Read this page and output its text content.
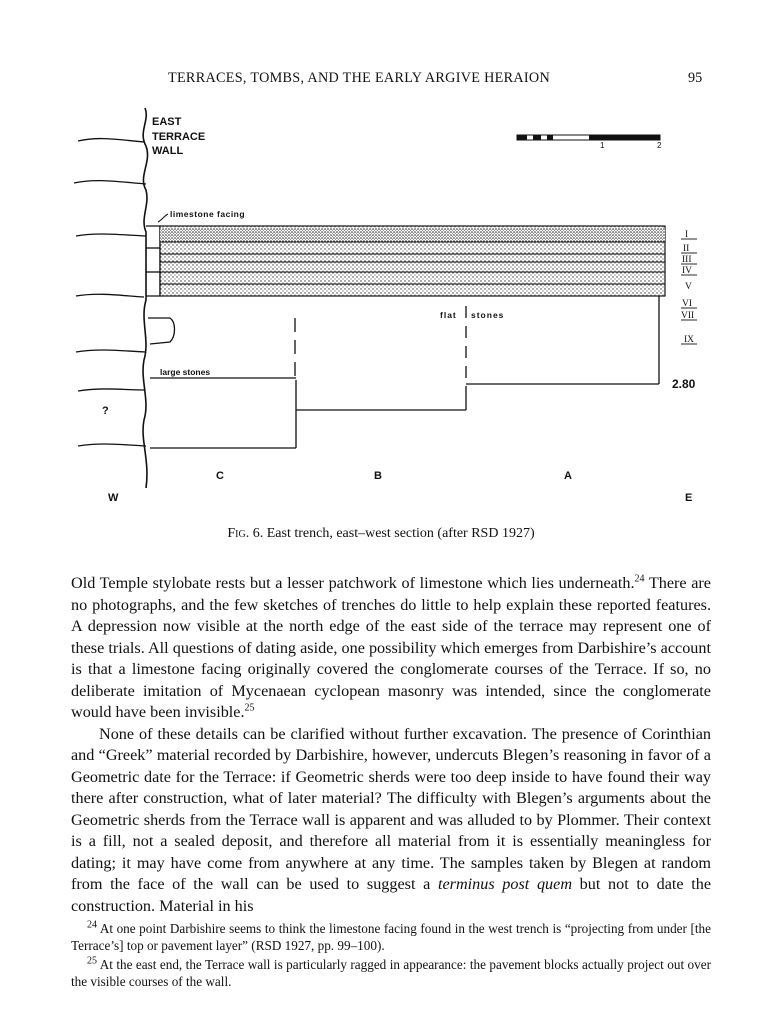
TERRACES, TOMBS, AND THE EARLY ARGIVE HERAION	95
1	2
EAST
TERRACE
WALL
limestone facing
flat stones
large stones
?
2.80
I
II
III
IV
V
VI
VII
IX
C	B	A
W	E
Fig. 6. East trench, east–west section (after RSD 1927)

Old Temple stylobate rests but a lesser patchwork of limestone which lies underneath.$^{24}$ There are no photographs, and the few sketches of trenches do little to help explain these reported features. A depression now visible at the north edge of the east side of the terrace may represent one of these trials. All questions of dating aside, one possibility which emerges from Darbishire’s account is that a limestone facing originally covered the conglomerate courses of the Terrace. If so, no deliberate imitation of Mycenaean cyclopean masonry was intended, since the conglomerate would have been invisible.$^{25}$

None of these details can be clarified without further excavation. The presence of Corinthian and “Greek” material recorded by Darbishire, however, undercuts Blegen’s reasoning in favor of a Geometric date for the Terrace: if Geometric sherds were too deep inside to have found their way there after construction, what of later material? The difficulty with Blegen’s arguments about the Geometric sherds from the Terrace wall is apparent and was alluded to by Plommer. Their context is a fill, not a sealed deposit, and therefore all material from it is essentially meaningless for dating; it may have come from anywhere at any time. The samples taken by Blegen at random from the face of the wall can be used to suggest a terminus post quem but not to date the construction. Material in his

$^{24}$ At one point Darbishire seems to think the limestone facing found in the west trench is “projecting from under [the Terrace’s] top or pavement layer” (RSD 1927, pp. 99–100).

$^{25}$ At the east end, the Terrace wall is particularly ragged in appearance: the pavement blocks actually project out over the visible courses of the wall.
